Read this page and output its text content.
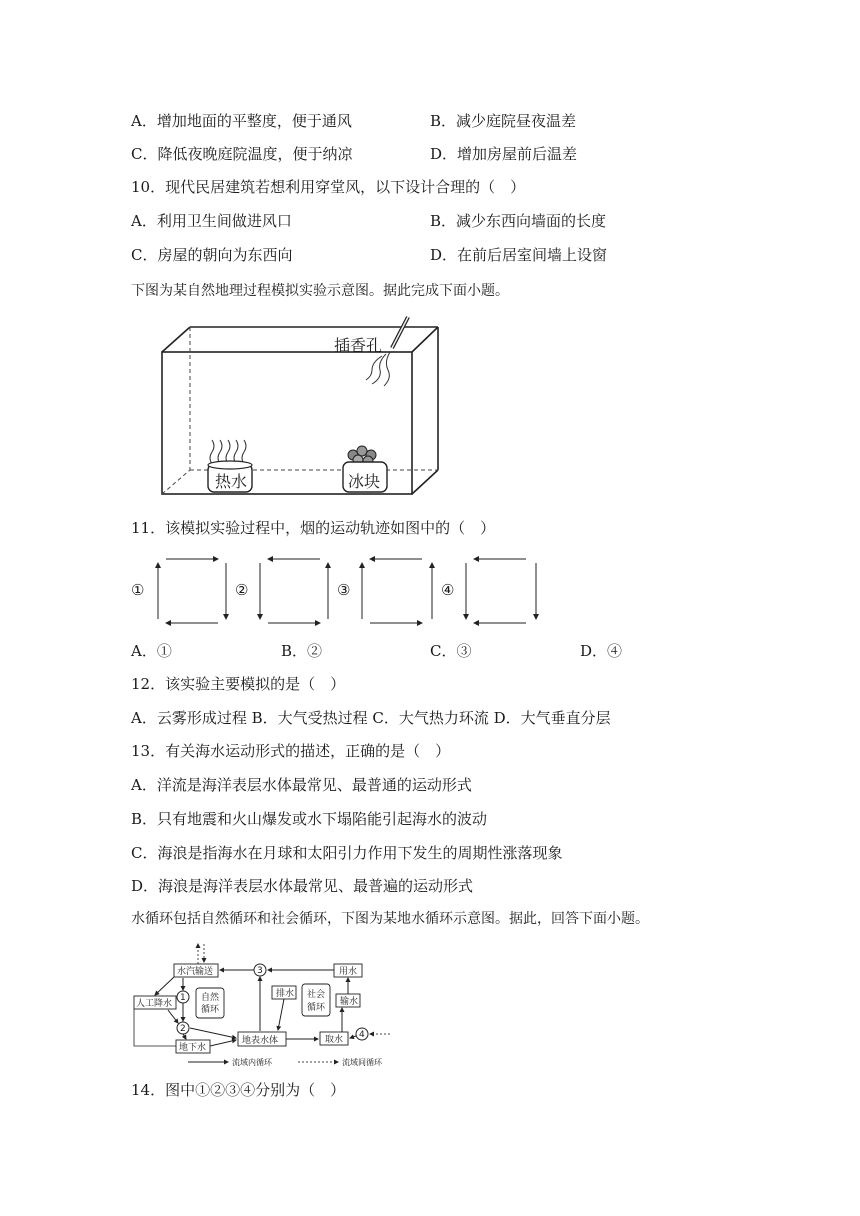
A．增加地面的平整度，便于通风	B．减少庭院昼夜温差
C．降低夜晚庭院温度，便于纳凉	D．增加房屋前后温差
10．现代民居建筑若想利用穿堂风，以下设计合理的（　）
A．利用卫生间做进风口	B．减少东西向墙面的长度
C．房屋的朝向为东西向	D．在前后居室间墙上设窗
下图为某自然地理过程模拟实验示意图。据此完成下面小题。
插香孔
热水	冰块
11．该模拟实验过程中，烟的运动轨迹如图中的（　）
①	②	③	④
A．①	B．②	C．③	D．④
12．该实验主要模拟的是（　）
A．云雾形成过程 B．大气受热过程 C．大气热力环流 D．大气垂直分层
13．有关海水运动形式的描述，正确的是（　）
A．洋流是海洋表层水体最常见、最普通的运动形式
B．只有地震和火山爆发或水下塌陷能引起海水的波动
C．海浪是指海水在月球和太阳引力作用下发生的周期性涨落现象
D．海浪是海洋表层水体最常见、最普遍的运动形式
水循环包括自然循环和社会循环，下图为某地水循环示意图。据此，回答下面小题。
水汽输送	3	用水
人工降水
1 自然
循环
2
地下水
地表水体
排水 社会
循环
输水
取水 4
流域内循环	流域间循环
14．图中①②③④分别为（　）
